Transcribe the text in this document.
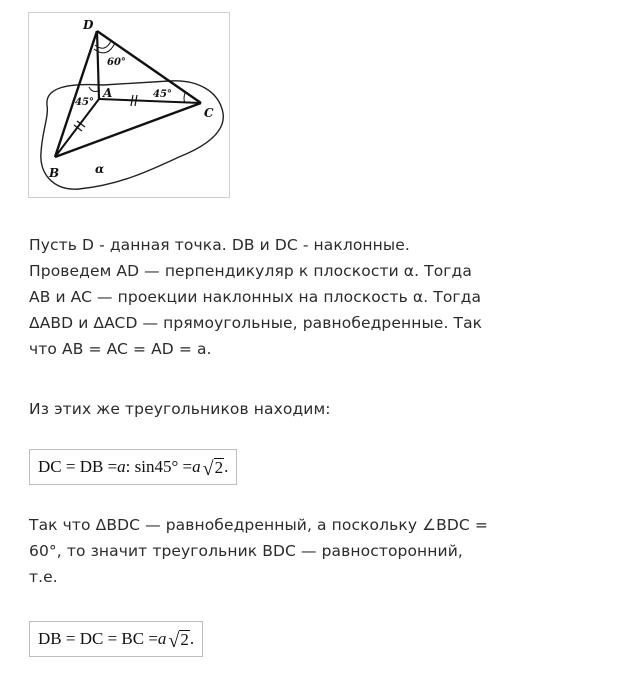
D
A
B
C
α
60°
45°
45°

Пусть D - данная точка. DB и DC - наклонные.
Проведем AD — перпендикуляр к плоскости α. Тогда
AB и AC — проекции наклонных на плоскость α. Тогда
ΔABD и ΔACD — прямоугольные, равнобедренные. Так
что AB = AC = AD = a.

Из этих же треугольников находим:

DC = DB = a : sin45° = a √ 2 .

Так что ΔBDC — равнобедренный, а поскольку ∠BDC =
60°, то значит треугольник BDC — равносторонний,
т.е.

DB = DC = BC = a √ 2 .
